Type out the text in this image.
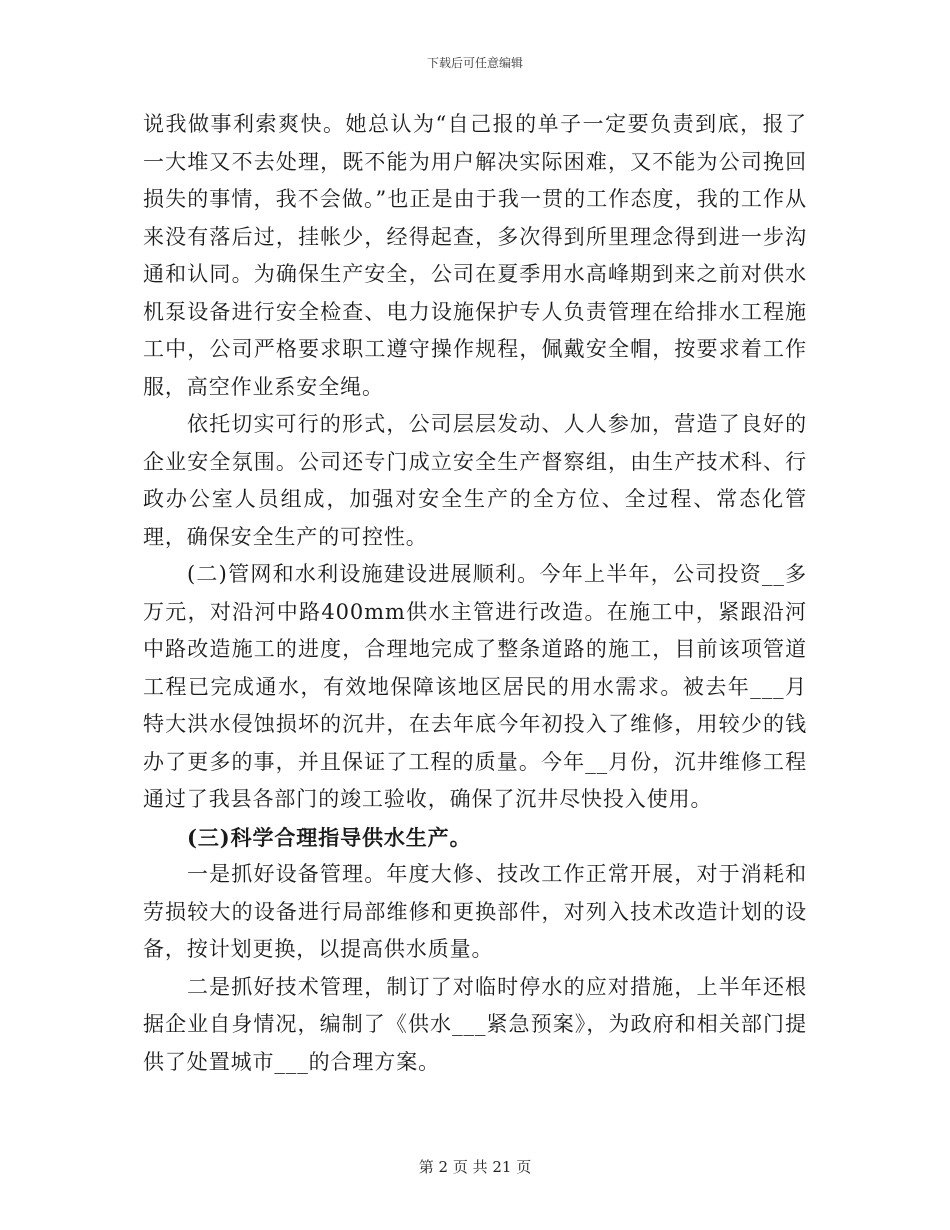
下载后可任意编辑

说我做事利索爽快。她总认为“自己报的单子一定要负责到底，报了一大堆又不去处理，既不能为用户解决实际困难，又不能为公司挽回损失的事情，我不会做。”也正是由于我一贯的工作态度，我的工作从来没有落后过，挂帐少，经得起查，多次得到所里理念得到进一步沟通和认同。为确保生产安全，公司在夏季用水高峰期到来之前对供水机泵设备进行安全检查、电力设施保护专人负责管理在给排水工程施工中，公司严格要求职工遵守操作规程，佩戴安全帽，按要求着工作服，高空作业系安全绳。

依托切实可行的形式，公司层层发动、人人参加，营造了良好的企业安全氛围。公司还专门成立安全生产督察组，由生产技术科、行政办公室人员组成，加强对安全生产的全方位、全过程、常态化管理，确保安全生产的可控性。

(二)管网和水利设施建设进展顺利。今年上半年，公司投资__多万元，对沿河中路400mm供水主管进行改造。在施工中，紧跟沿河中路改造施工的进度，合理地完成了整条道路的施工，目前该项管道工程已完成通水，有效地保障该地区居民的用水需求。被去年___月特大洪水侵蚀损坏的沉井，在去年底今年初投入了维修，用较少的钱办了更多的事，并且保证了工程的质量。今年__月份，沉井维修工程通过了我县各部门的竣工验收，确保了沉井尽快投入使用。

(三)科学合理指导供水生产。

一是抓好设备管理。年度大修、技改工作正常开展，对于消耗和劳损较大的设备进行局部维修和更换部件，对列入技术改造计划的设备，按计划更换，以提高供水质量。

二是抓好技术管理，制订了对临时停水的应对措施，上半年还根据企业自身情况，编制了《供水___紧急预案》，为政府和相关部门提供了处置城市___的合理方案。

第 2 页 共 21 页
